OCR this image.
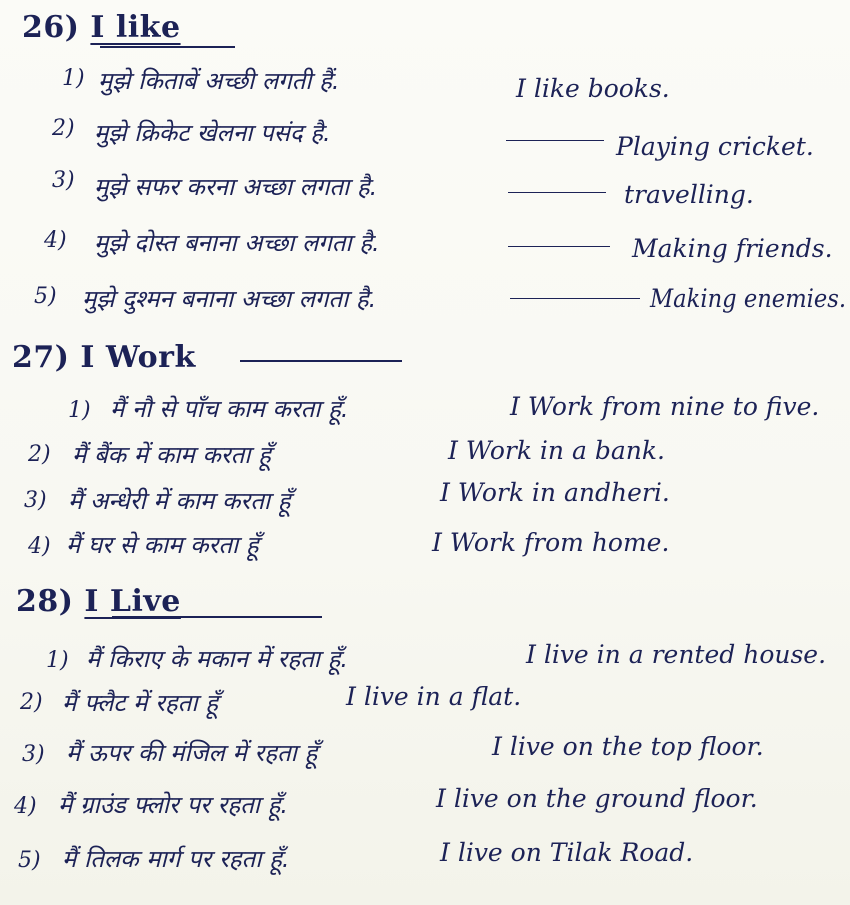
26) I like
1) मुझे किताबें अच्छी लगती हैं.	I like books.
2) मुझे क्रिकेट खेलना पसंद है.	Playing cricket.
3) मुझे सफर करना अच्छा लगता है.	travelling.
4) मुझे दोस्त बनाना अच्छा लगता है.	Making friends.
5) मुझे दुश्मन बनाना अच्छा लगता है.	Making enemies.
27) I Work
1) मैं नौ से पाँच काम करता हूँ.	I Work from nine to five.
2) मैं बैंक में काम करता हूँ	I Work in a bank.
3) मैं अन्धेरी में काम करता हूँ	I Work in andheri.
4) मैं घर से काम करता हूँ	I Work from home.
28) I Live
1) मैं किराए के मकान में रहता हूँ.	I live in a rented house.
2) मैं फ्लैट में रहता हूँ	I live in a flat.
3) मैं ऊपर की मंजिल में रहता हूँ	I live on the top floor.
4) मैं ग्राउंड फ्लोर पर रहता हूँ.	I live on the ground floor.
5) मैं तिलक मार्ग पर रहता हूँ.	I live on Tilak Road.
